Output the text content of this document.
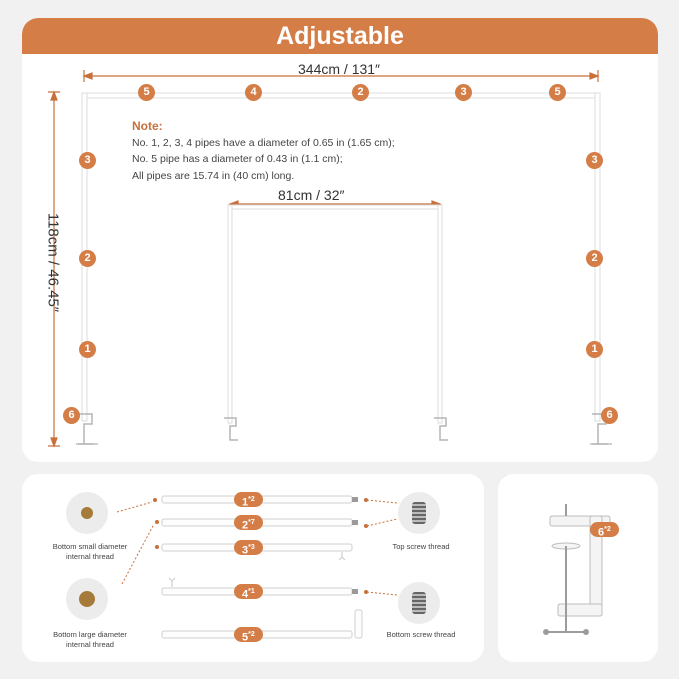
Adjustable
344cm / 131″
81cm / 32″
118cm / 46.45″
Note:
No. 1, 2, 3, 4 pipes have a diameter of 0.65 in (1.65 cm);
No. 5 pipe has a diameter of 0.43 in (1.1 cm);
All pipes are 15.74 in (40 cm) long.
5	4	2	3	5
3
2
1
6
3
2
1
6
Bottom small diameter internal thread
Bottom large diameter internal thread
Top screw thread
Bottom screw thread
1$^{*2}$
2$^{*7}$
3$^{*3}$
4$^{*1}$
5$^{*2}$
6$^{*2}$
